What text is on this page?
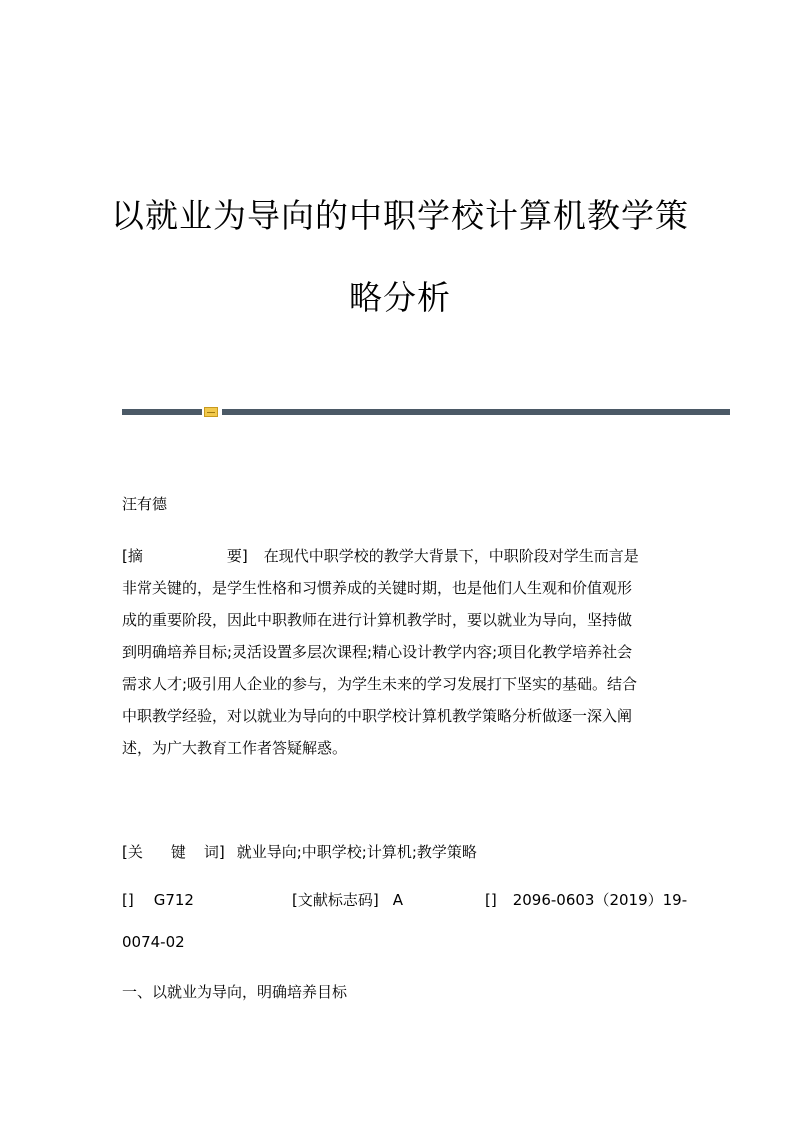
以就业为导向的中职学校计算机教学策
略分析
汪有德
[摘	要] 在现代中职学校的教学大背景下，中职阶段对学生而言是
非常关键的，是学生性格和习惯养成的关键时期，也是他们人生观和价值观形
成的重要阶段，因此中职教师在进行计算机教学时，要以就业为导向，坚持做
到明确培养目标;灵活设置多层次课程;精心设计教学内容;项目化教学培养社会
需求人才;吸引用人企业的参与，为学生未来的学习发展打下坚实的基础。结合
中职教学经验，对以就业为导向的中职学校计算机教学策略分析做逐一深入阐
述，为广大教育工作者答疑解惑。
[关 键 词] 就业导向;中职学校;计算机;教学策略
[] G712	[文献标志码] A	[] 2096-0603（2019）19-
0074-02
一、以就业为导向，明确培养目标
